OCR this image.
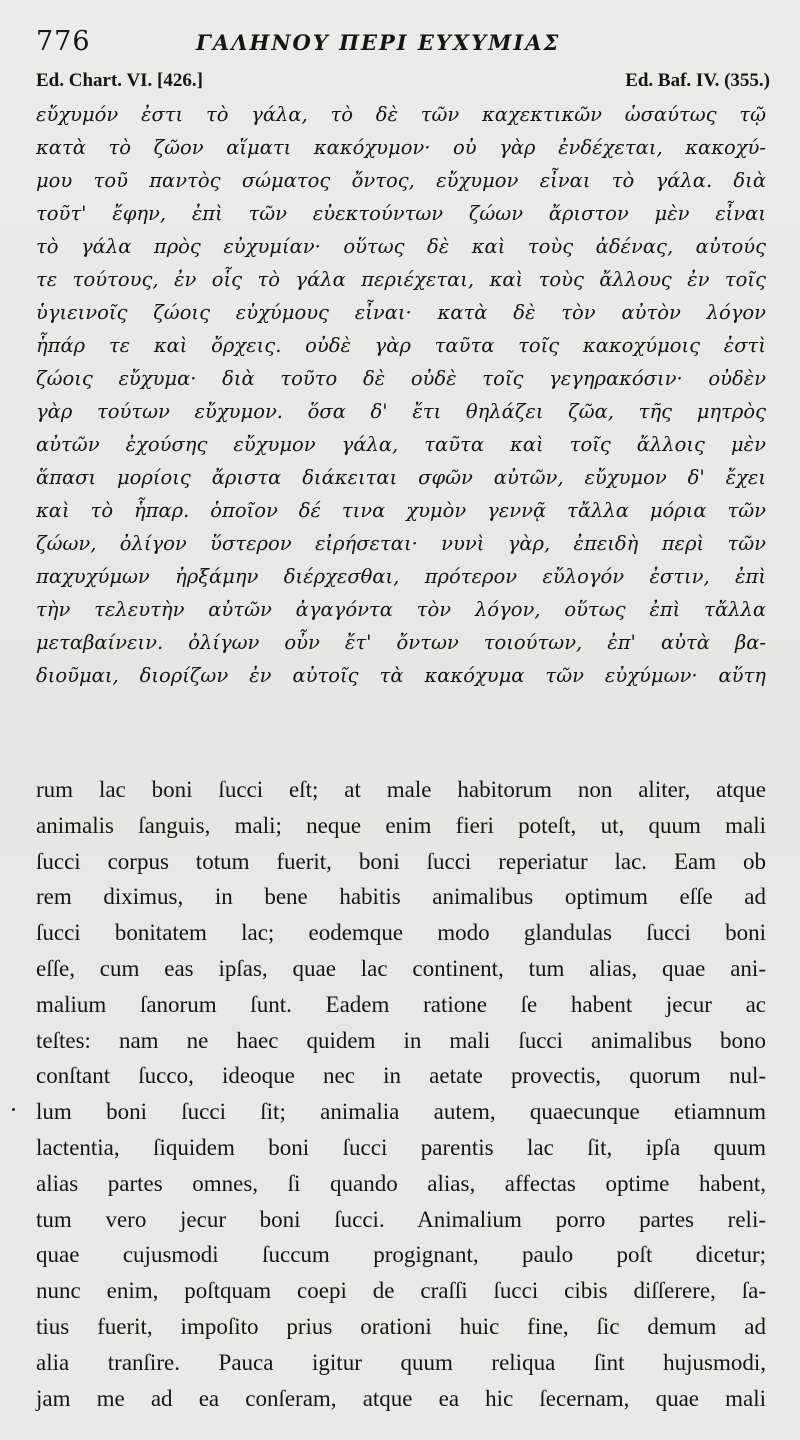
776	ΓΑΛΗΝΟΥ ΠΕΡΙ ΕΥΧΥΜΙΑΣ
Ed. Chart. VI. [426.]	Ed. Baf. IV. (355.)
εὔχυμόν ἐστι τὸ γάλα, τὸ δὲ τῶν καχεκτικῶν ὡσαύτως τῷ
κατὰ τὸ ζῶον αἵματι κακόχυμον· οὐ γὰρ ἐνδέχεται, κακοχύ-
μου τοῦ παντὸς σώματος ὄντος, εὔχυμον εἶναι τὸ γάλα. διὰ
τοῦτ' ἔφην, ἐπὶ τῶν εὐεκτούντων ζώων ἄριστον μὲν εἶναι
τὸ γάλα πρὸς εὐχυμίαν· οὕτως δὲ καὶ τοὺς ἀδένας, αὐτούς
τε τούτους, ἐν οἷς τὸ γάλα περιέχεται, καὶ τοὺς ἄλλους ἐν τοῖς
ὑγιεινοῖς ζώοις εὐχύμους εἶναι· κατὰ δὲ τὸν αὐτὸν λόγον
ἧπάρ τε καὶ ὄρχεις. οὐδὲ γὰρ ταῦτα τοῖς κακοχύμοις ἐστὶ
ζώοις εὔχυμα· διὰ τοῦτο δὲ οὐδὲ τοῖς γεγηρακόσιν· οὐδὲν
γὰρ τούτων εὔχυμον. ὅσα δ' ἔτι θηλάζει ζῶα, τῆς μητρὸς
αὐτῶν ἐχούσης εὔχυμον γάλα, ταῦτα καὶ τοῖς ἄλλοις μὲν
ἅπασι μορίοις ἄριστα διάκειται σφῶν αὐτῶν, εὔχυμον δ' ἔχει
καὶ τὸ ἧπαρ. ὁποῖον δέ τινα χυμὸν γεννᾷ τἄλλα μόρια τῶν
ζώων, ὀλίγον ὕστερον εἰρήσεται· νυνὶ γὰρ, ἐπειδὴ περὶ τῶν
παχυχύμων ἠρξάμην διέρχεσθαι, πρότερον εὔλογόν ἐστιν, ἐπὶ
τὴν τελευτὴν αὐτῶν ἀγαγόντα τὸν λόγον, οὕτως ἐπὶ τἄλλα
μεταβαίνειν. ὀλίγων οὖν ἔτ' ὄντων τοιούτων, ἐπ' αὐτὰ βα-
διοῦμαι, διορίζων ἐν αὐτοῖς τὰ κακόχυμα τῶν εὐχύμων· αὕτη
rum lac boni ſucci eſt; at male habitorum non aliter, atque
animalis ſanguis, mali; neque enim fieri poteſt, ut, quum mali
ſucci corpus totum fuerit, boni ſucci reperiatur lac. Eam ob
rem diximus, in bene habitis animalibus optimum eſſe ad
ſucci bonitatem lac; eodemque modo glandulas ſucci boni
eſſe, cum eas ipſas, quae lac continent, tum alias, quae ani-
malium ſanorum ſunt. Eadem ratione ſe habent jecur ac
teſtes: nam ne haec quidem in mali ſucci animalibus bono
conſtant ſucco, ideoque nec in aetate provectis, quorum nul-
lum boni ſucci ſit; animalia autem, quaecunque etiamnum
lactentia, ſiquidem boni ſucci parentis lac ſit, ipſa quum
alias partes omnes, ſi quando alias, affectas optime habent,
tum vero jecur boni ſucci. Animalium porro partes reli-
quae cujusmodi ſuccum progignant, paulo poſt dicetur;
nunc enim, poſtquam coepi de craſſi ſucci cibis diſſerere, ſa-
tius fuerit, impoſito prius orationi huic fine, ſic demum ad
alia tranſire. Pauca igitur quum reliqua ſint hujusmodi,
jam me ad ea conſeram, atque ea hic ſecernam, quae mali
